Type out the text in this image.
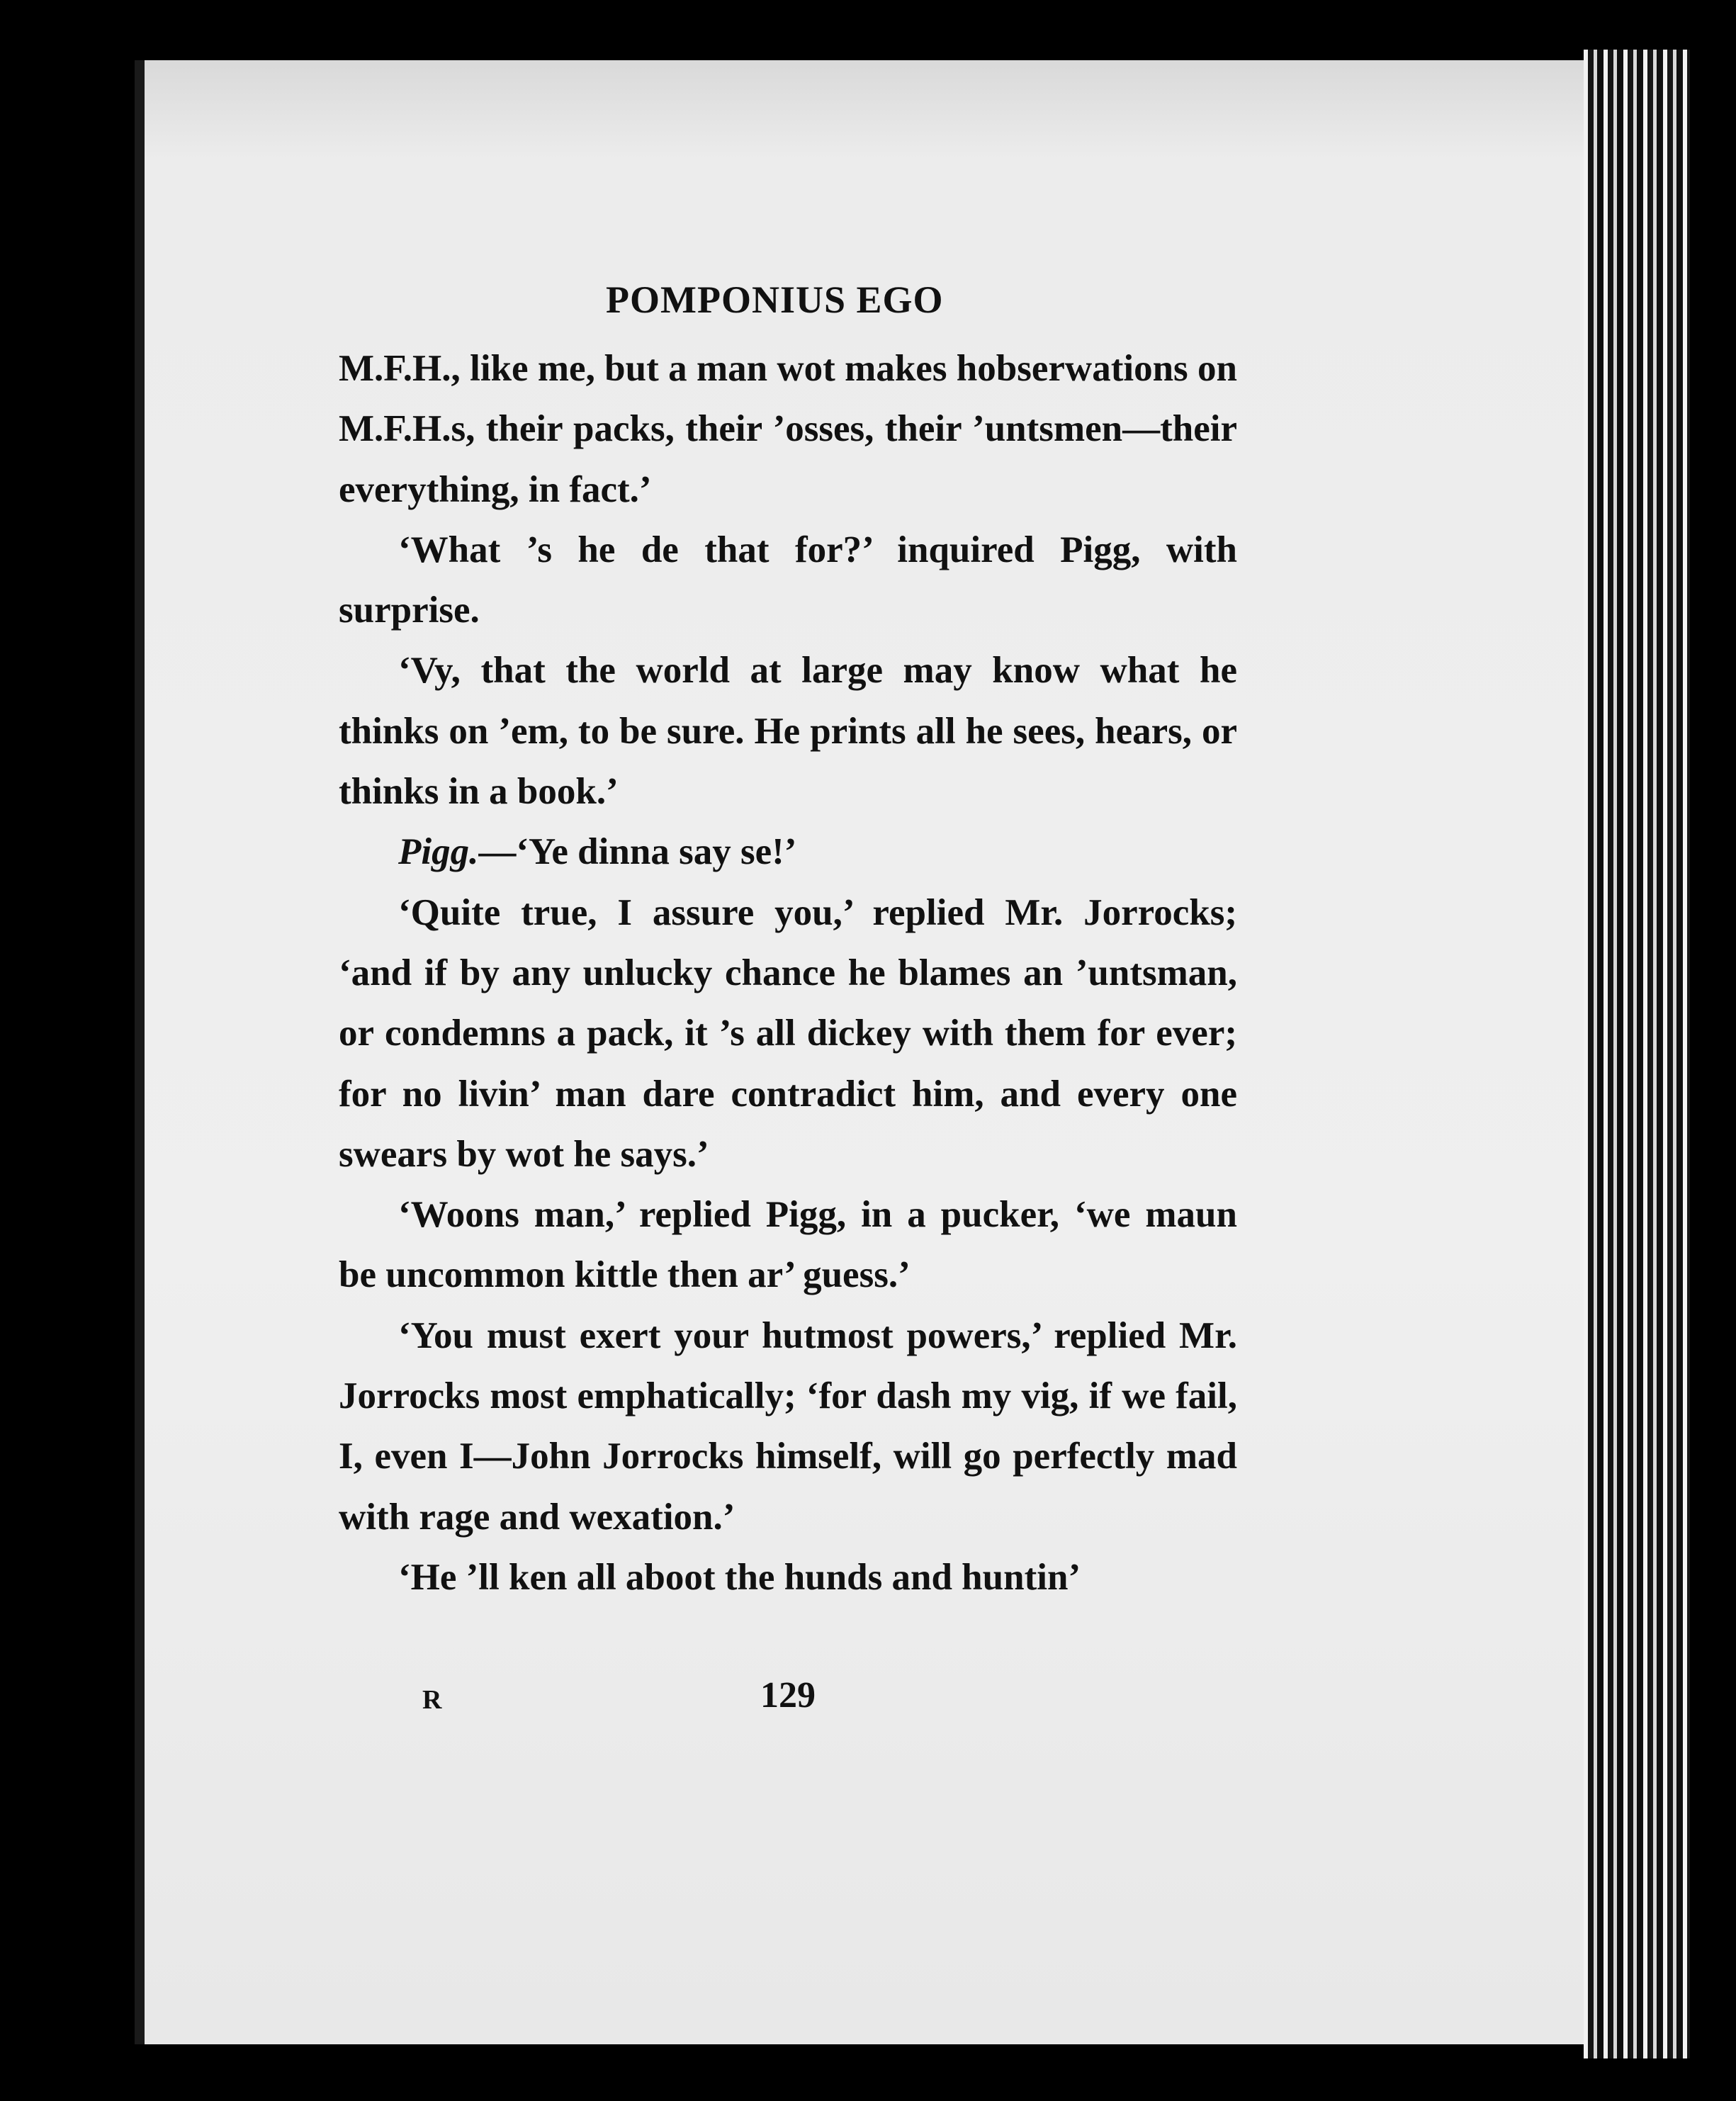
POMPONIUS EGO

M.F.H., like me, but a man wot makes hobserwations on M.F.H.s, their packs, their ’osses, their ’untsmen—their everything, in fact.’

‘What ’s he de that for?’ inquired Pigg, with surprise.

‘Vy, that the world at large may know what he thinks on ’em, to be sure. He prints all he sees, hears, or thinks in a book.’

Pigg.—‘Ye dinna say se!’

‘Quite true, I assure you,’ replied Mr. Jorrocks; ‘and if by any unlucky chance he blames an ’untsman, or condemns a pack, it ’s all dickey with them for ever; for no livin’ man dare contradict him, and every one swears by wot he says.’

‘Woons man,’ replied Pigg, in a pucker, ‘we maun be uncommon kittle then ar’ guess.’

‘You must exert your hutmost powers,’ replied Mr. Jorrocks most emphatically; ‘for dash my vig, if we fail, I, even I—John Jorrocks himself, will go perfectly mad with rage and wexation.’

‘He ’ll ken all aboot the hunds and huntin’

R	129
